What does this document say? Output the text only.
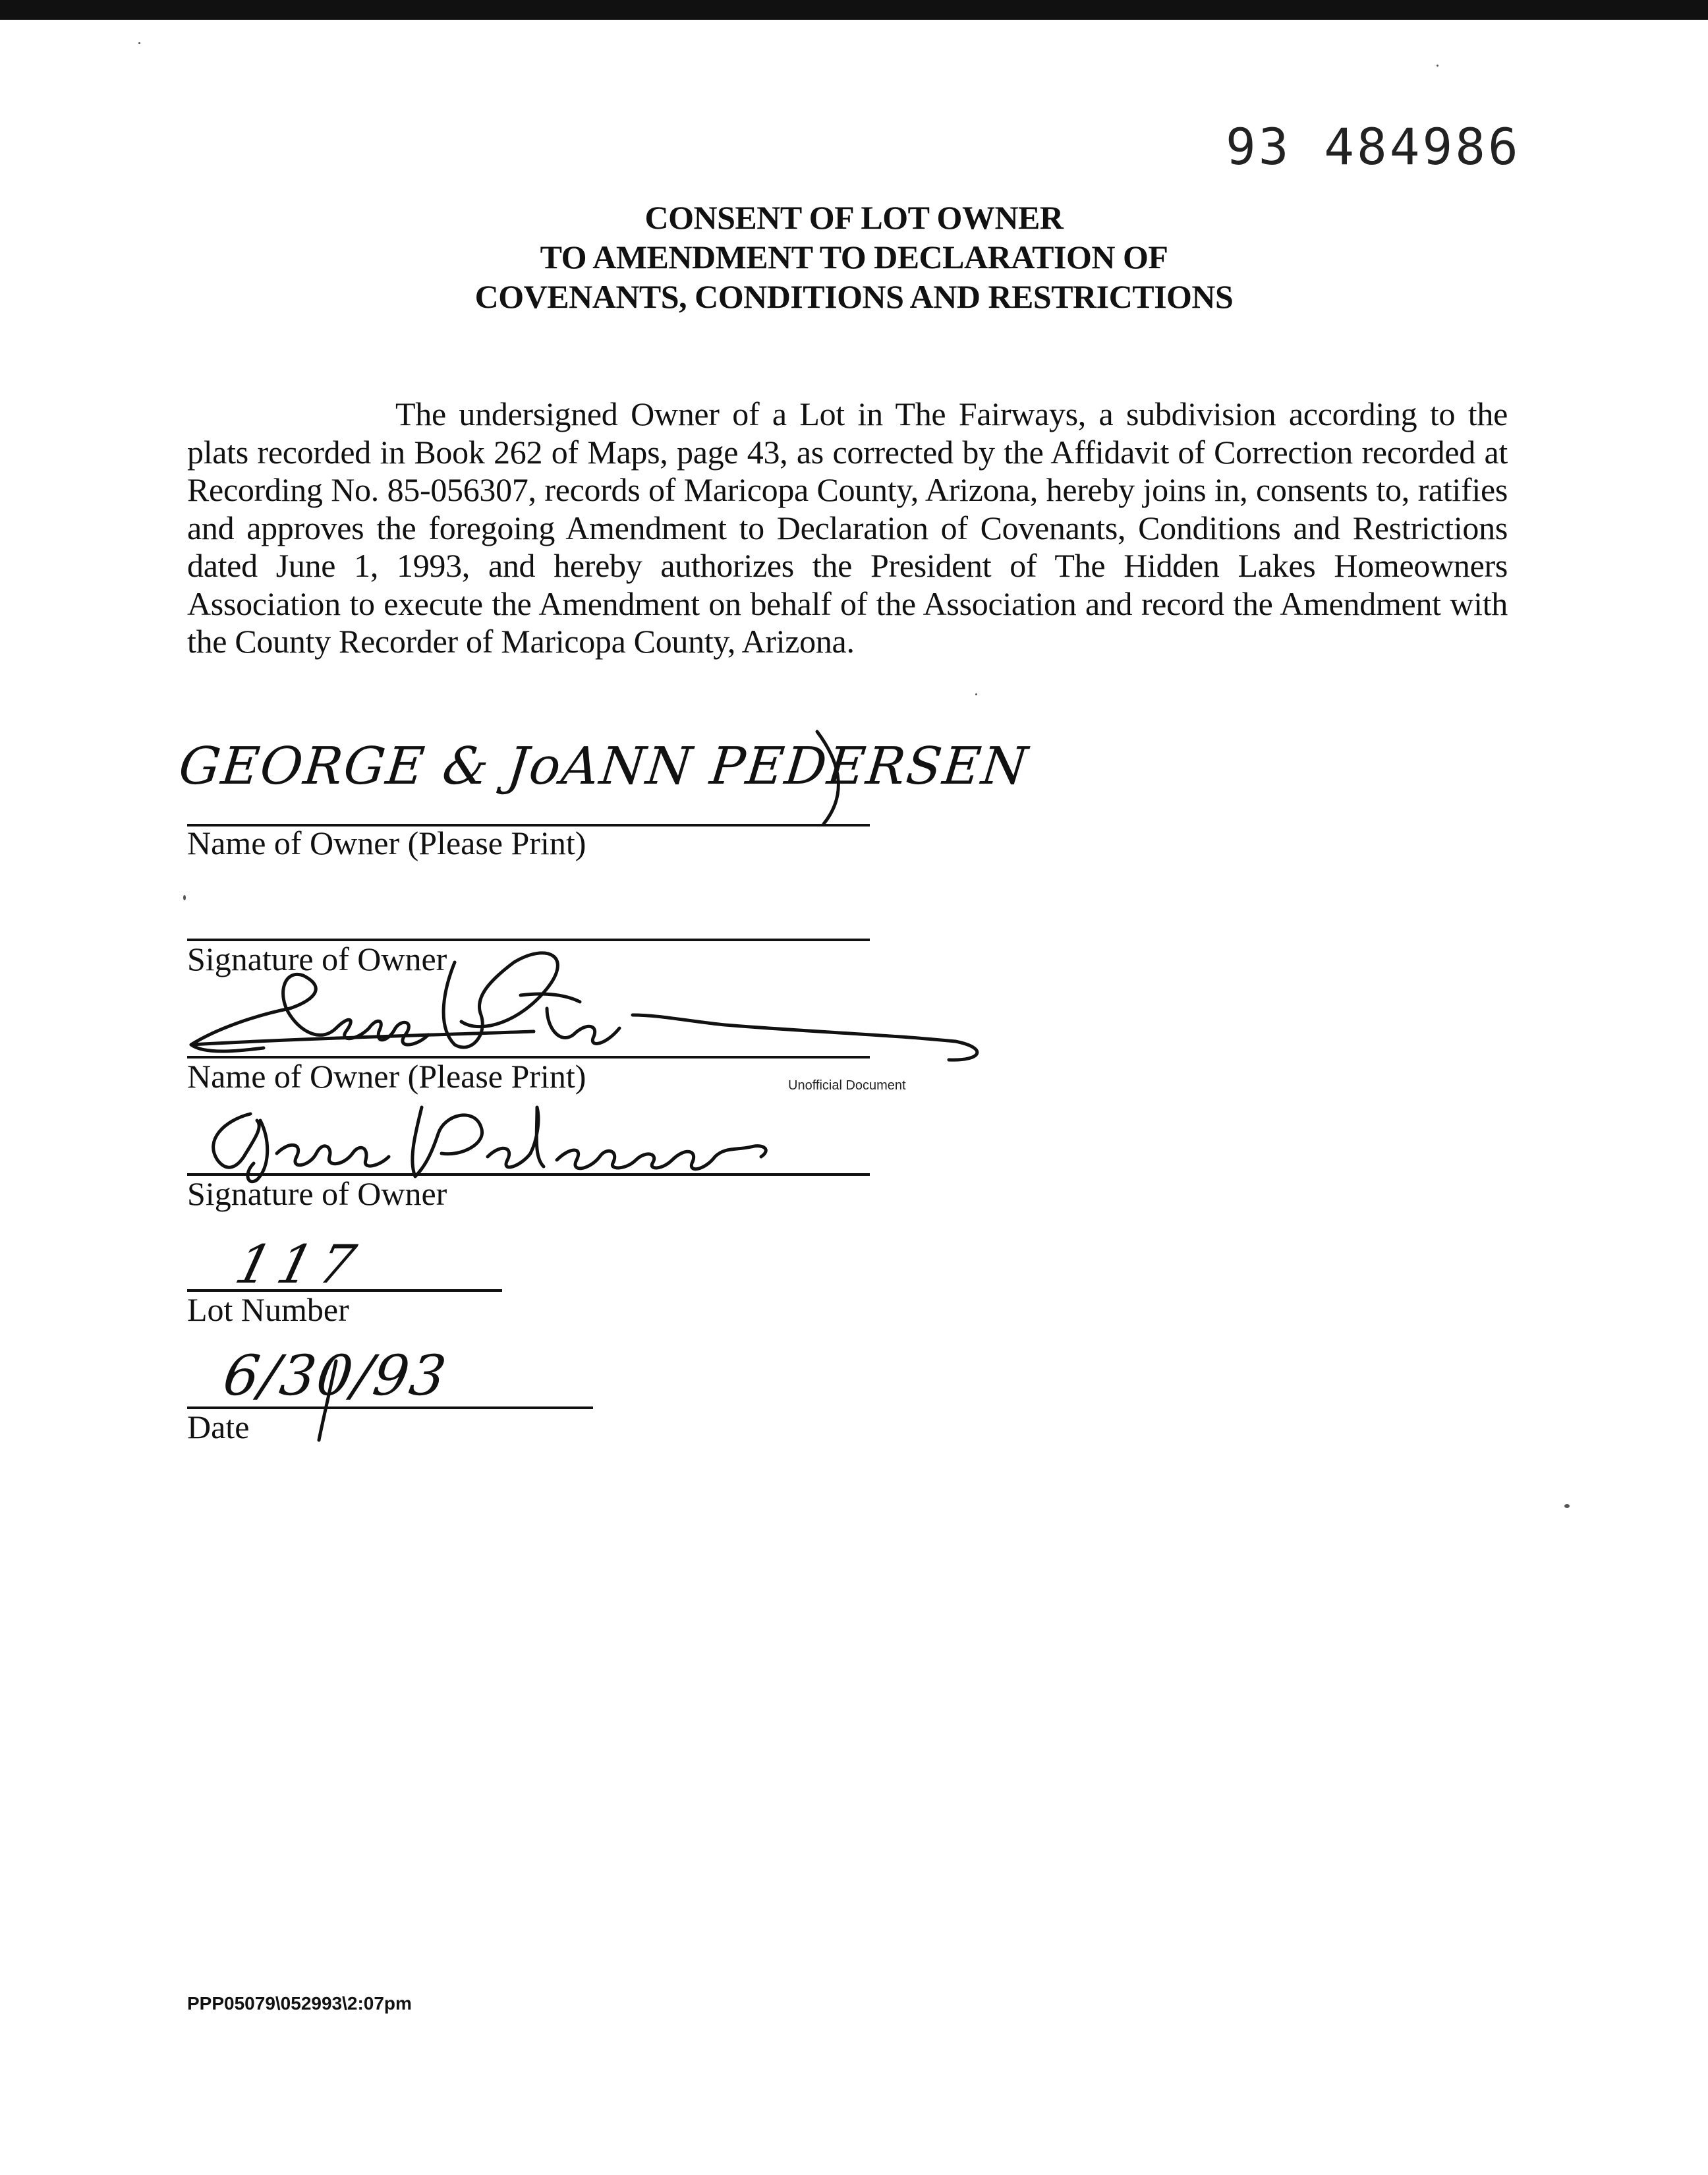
93 484986
CONSENT OF LOT OWNER
TO AMENDMENT TO DECLARATION OF
COVENANTS, CONDITIONS AND RESTRICTIONS
The undersigned Owner of a Lot in The Fairways, a subdivision according to the plats recorded in Book 262 of Maps, page 43, as corrected by the Affidavit of Correction recorded at Recording No. 85-056307, records of Maricopa County, Arizona, hereby joins in, consents to, ratifies and approves the foregoing Amendment to Declaration of Covenants, Conditions and Restrictions dated June 1, 1993, and hereby authorizes the President of The Hidden Lakes Homeowners Association to execute the Amendment on behalf of the Association and record the Amendment with the County Recorder of Maricopa County, Arizona.
GEORGE & JoANN PEDERSEN
Name of Owner (Please Print)
Signature of Owner
Name of Owner (Please Print)	Unofficial Document
Signature of Owner
117
Lot Number
6/30/93
Date
PPP05079\052993\2:07pm
